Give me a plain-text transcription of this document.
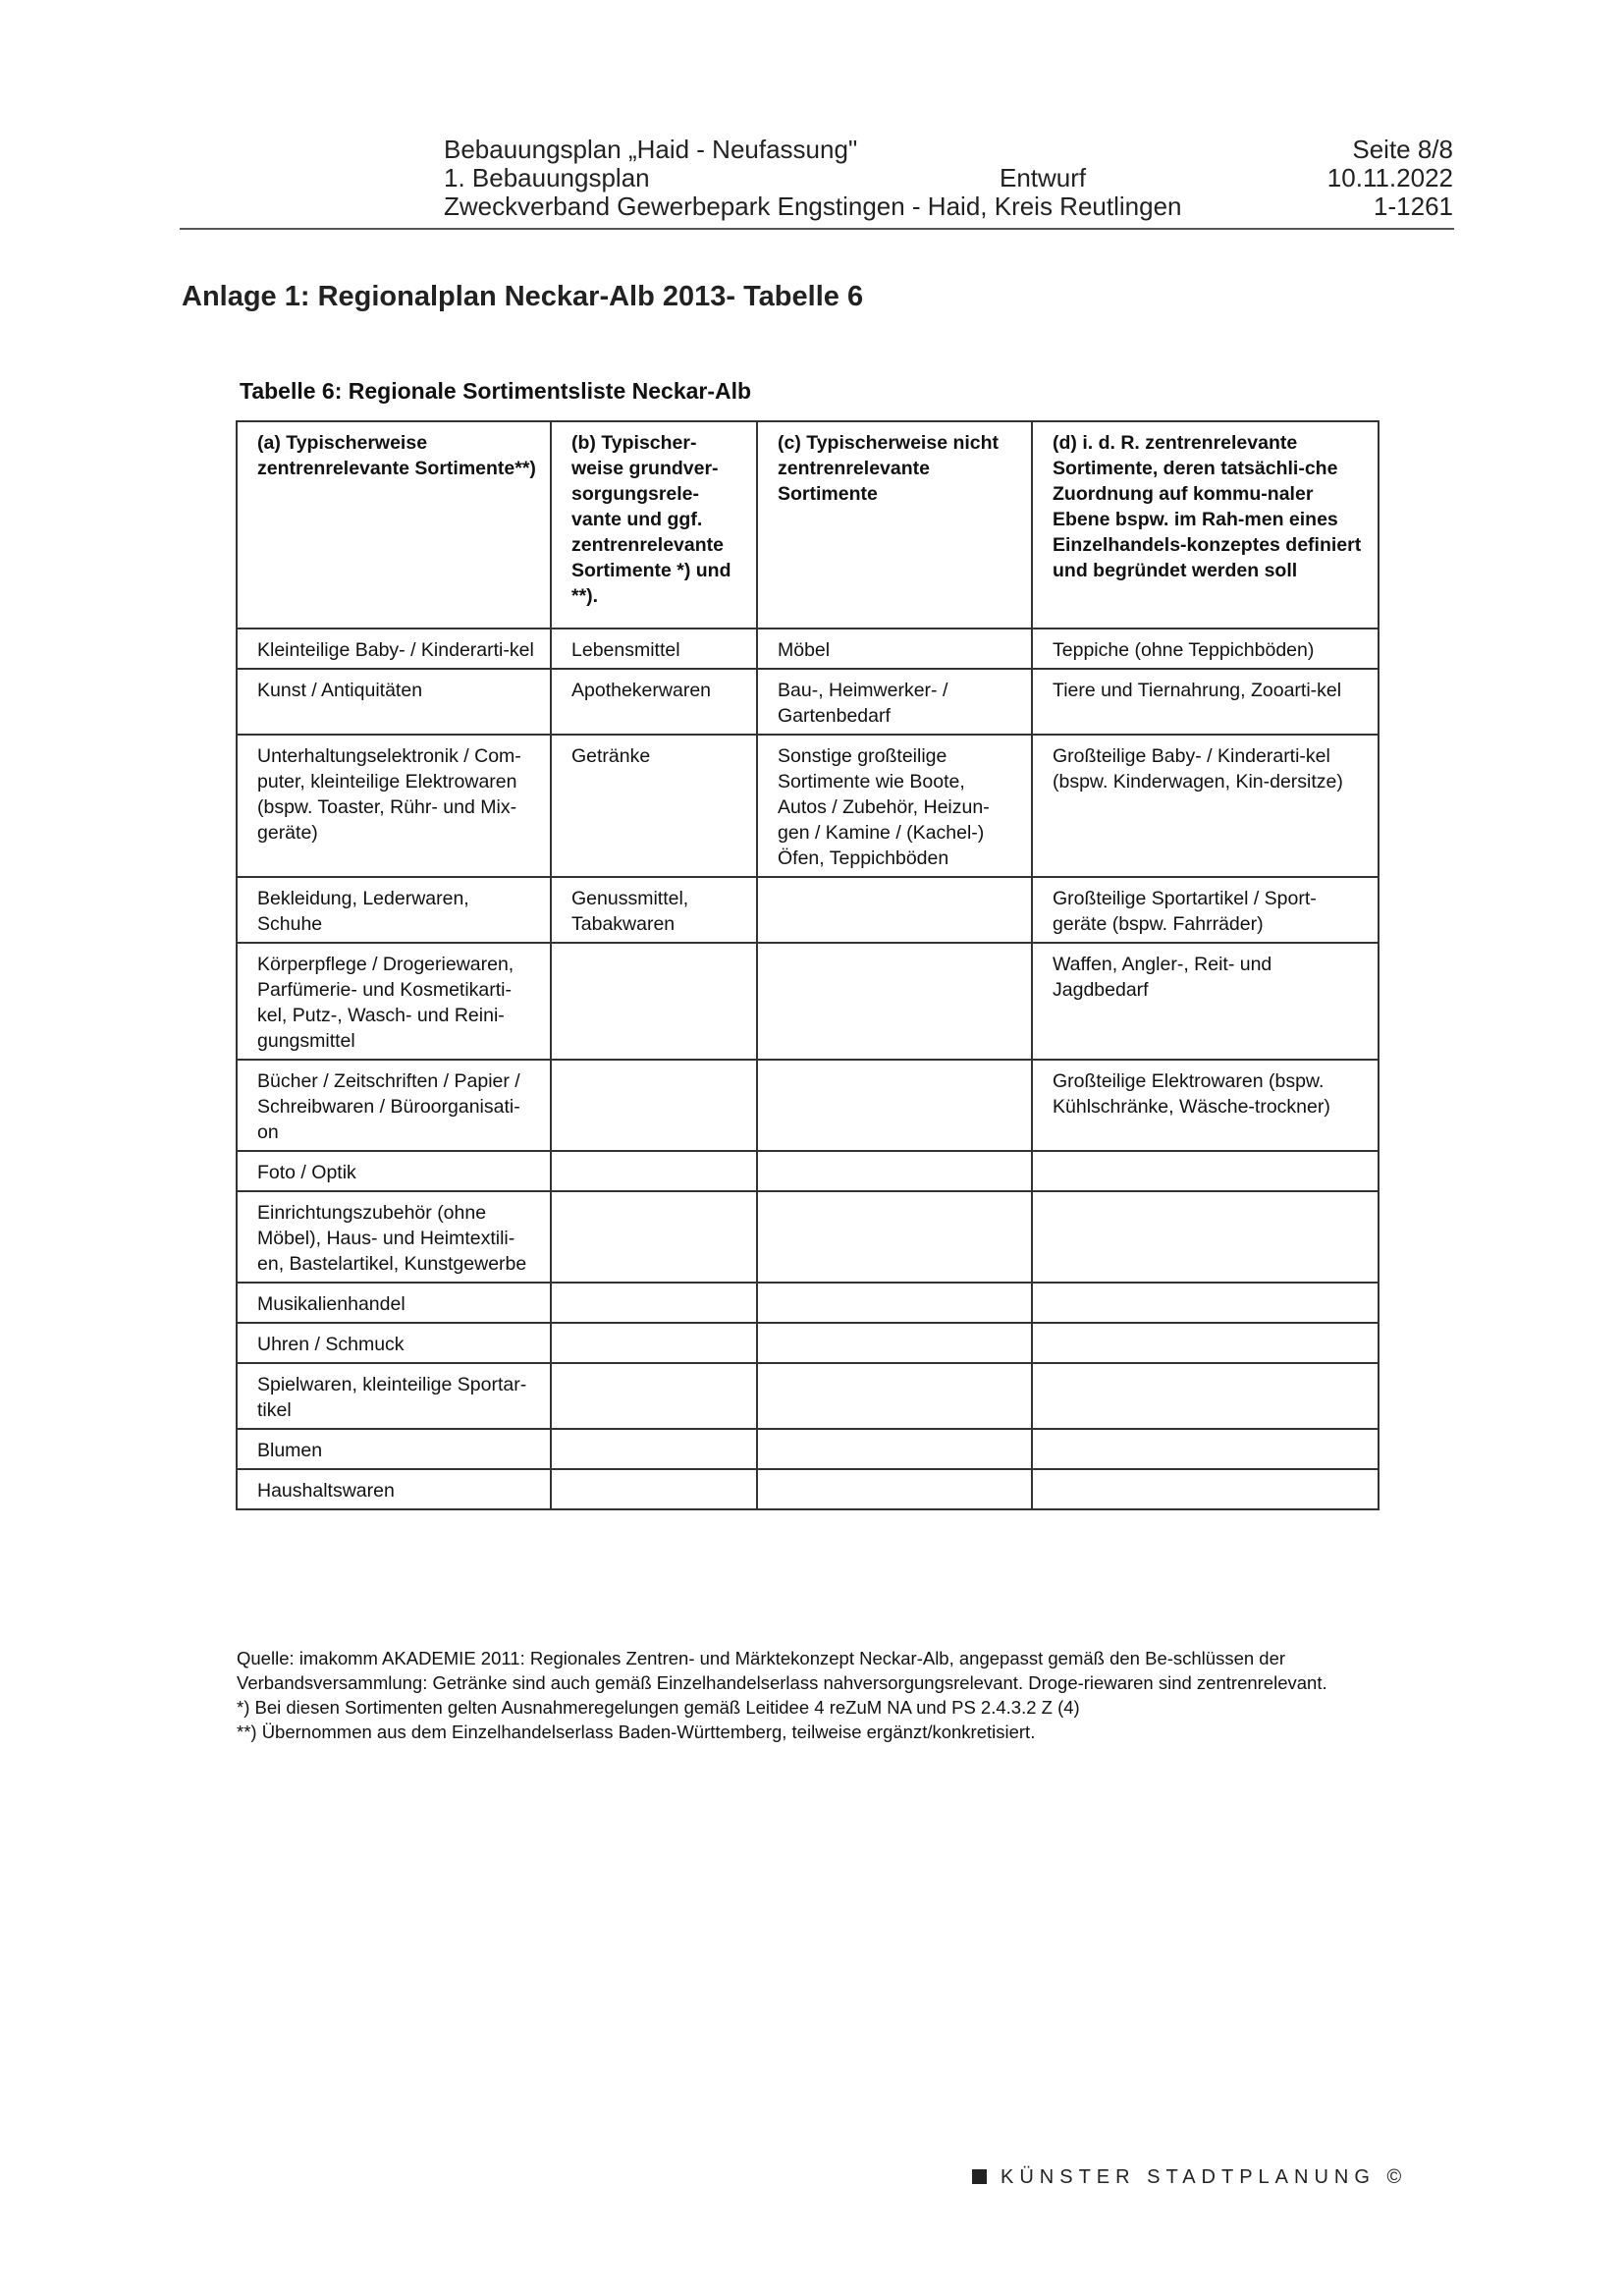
Bebauungsplan „Haid - Neufassung"
1. Bebauungsplan
Zweckverband Gewerbepark Engstingen - Haid, Kreis Reutlingen
Entwurf
Seite 8/8
10.11.2022
1-1261
Anlage 1: Regionalplan Neckar-Alb 2013- Tabelle 6
Tabelle 6: Regionale Sortimentsliste Neckar-Alb
(a) Typischerweise zentrenrelevante Sortimente**)	(b) Typischer-weise grundver-sorgungsrele-vante und ggf. zentrenrelevante Sortimente *) und **).	(c) Typischerweise nicht zentrenrelevante Sortimente	(d) i. d. R. zentrenrelevante Sortimente, deren tatsächli-che Zuordnung auf kommu-naler Ebene bspw. im Rah-men eines Einzelhandels-konzeptes definiert und begründet werden soll
Kleinteilige Baby- / Kinderarti-kel	Lebensmittel	Möbel	Teppiche (ohne Teppichböden)
Kunst / Antiquitäten	Apothekerwaren	Bau-, Heimwerker- / Gartenbedarf	Tiere und Tiernahrung, Zooarti-kel
Unterhaltungselektronik / Com-puter, kleinteilige Elektrowaren (bspw. Toaster, Rühr- und Mix-geräte)	Getränke	Sonstige großteilige Sortimente wie Boote, Autos / Zubehör, Heizun-gen / Kamine / (Kachel-) Öfen, Teppichböden	Großteilige Baby- / Kinderarti-kel (bspw. Kinderwagen, Kin-dersitze)
Bekleidung, Lederwaren, Schuhe	Genussmittel, Tabakwaren		Großteilige Sportartikel / Sport-geräte (bspw. Fahrräder)
Körperpflege / Drogeriewaren, Parfümerie- und Kosmetikarti-kel, Putz-, Wasch- und Reini-gungsmittel			Waffen, Angler-, Reit- und Jagdbedarf
Bücher / Zeitschriften / Papier / Schreibwaren / Büroorganisati-on			Großteilige Elektrowaren (bspw. Kühlschränke, Wäsche-trockner)
Foto / Optik			
Einrichtungszubehör (ohne Möbel), Haus- und Heimtextili-en, Bastelartikel, Kunstgewerbe			
Musikalienhandel			
Uhren / Schmuck			
Spielwaren, kleinteilige Sportar-tikel			
Blumen			
Haushaltswaren			

Quelle: imakomm AKADEMIE 2011: Regionales Zentren- und Märktekonzept Neckar-Alb, angepasst gemäß den Be-schlüssen der Verbandsversammlung: Getränke sind auch gemäß Einzelhandelserlass nahversorgungsrelevant. Droge-riewaren sind zentrenrelevant.

*) Bei diesen Sortimenten gelten Ausnahmeregelungen gemäß Leitidee 4 reZuM NA und PS 2.4.3.2 Z (4)

**) Übernommen aus dem Einzelhandelserlass Baden-Württemberg, teilweise ergänzt/konkretisiert.

KÜNSTER STADTPLANUNG ©
